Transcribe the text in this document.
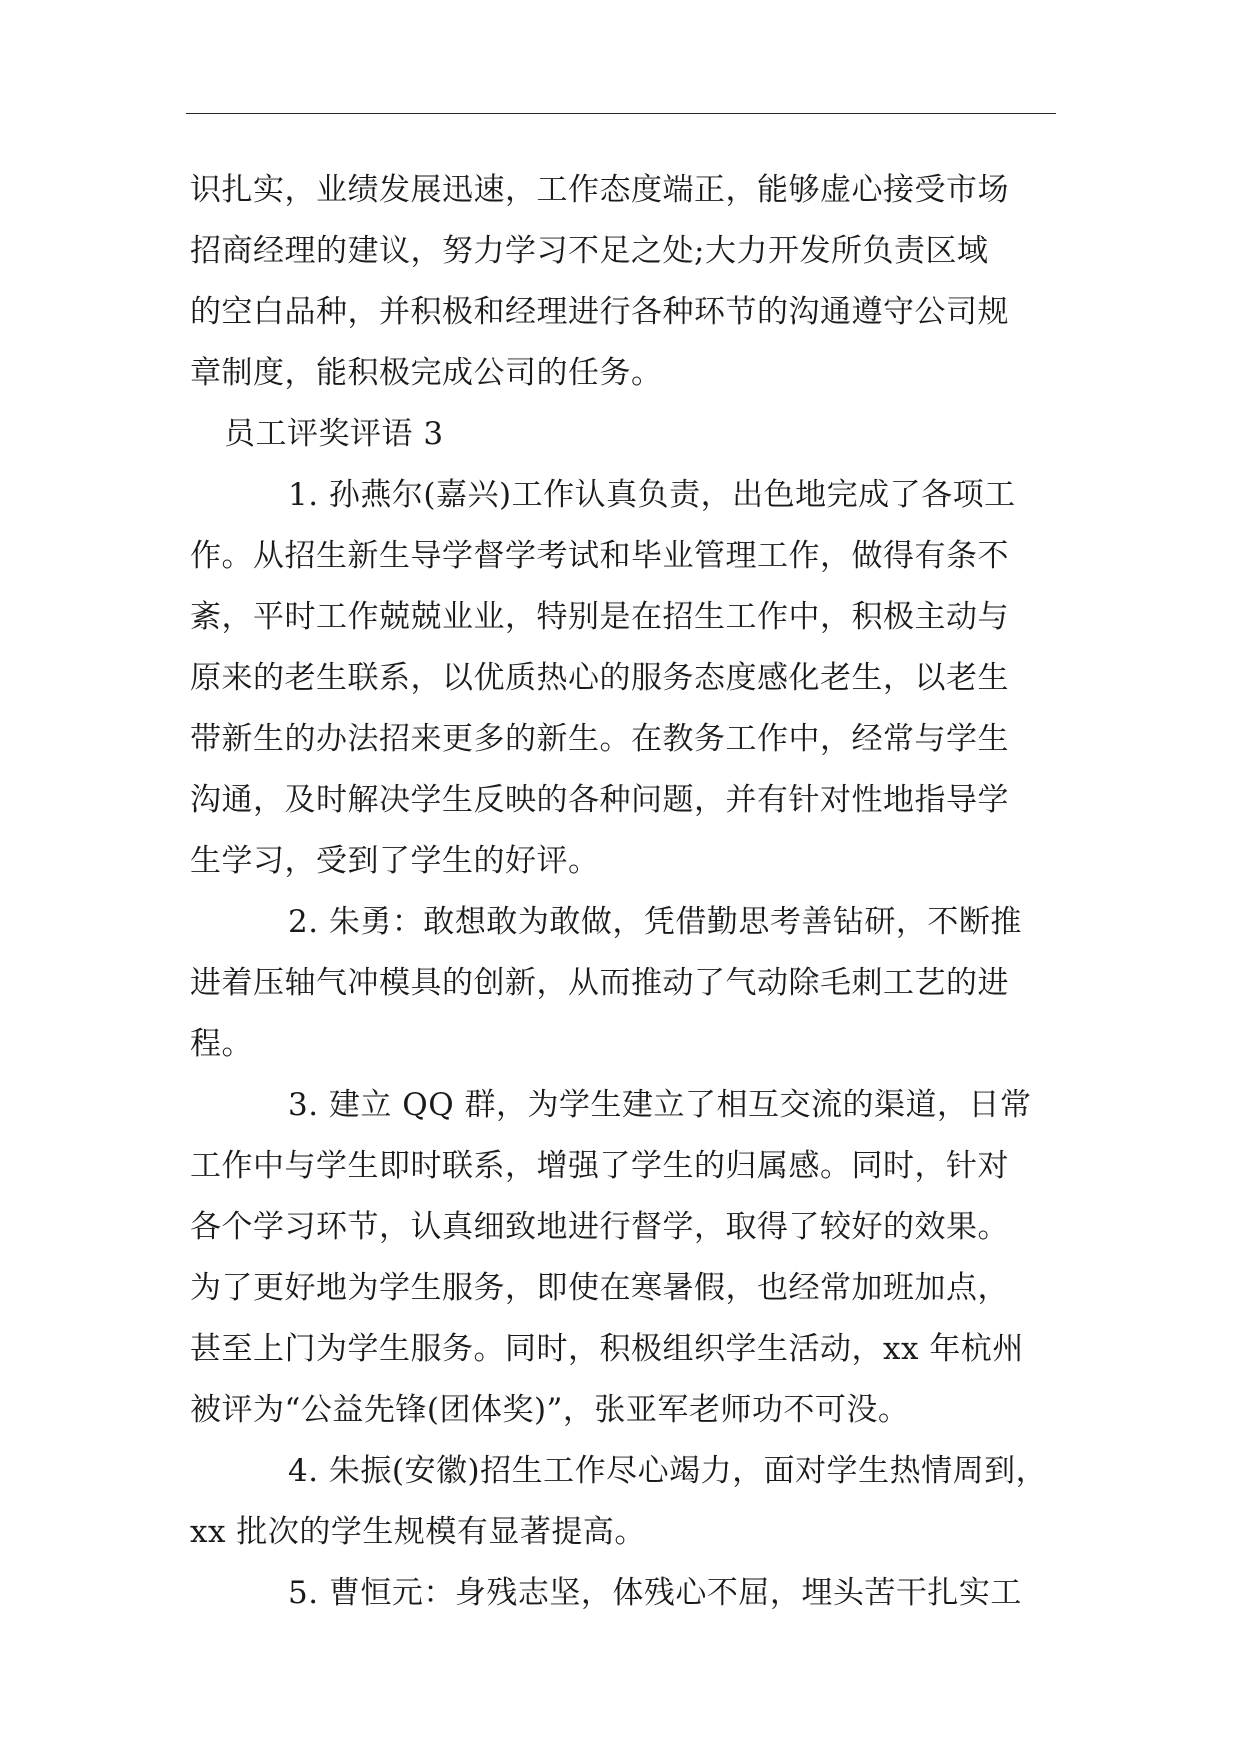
识扎实，业绩发展迅速，工作态度端正，能够虚心接受市场
招商经理的建议，努力学习不足之处;大力开发所负责区域
的空白品种，并积极和经理进行各种环节的沟通遵守公司规
章制度，能积极完成公司的任务。
员工评奖评语 3
1. 孙燕尔(嘉兴)工作认真负责，出色地完成了各项工
作。从招生新生导学督学考试和毕业管理工作，做得有条不
紊，平时工作兢兢业业，特别是在招生工作中，积极主动与
原来的老生联系，以优质热心的服务态度感化老生，以老生
带新生的办法招来更多的新生。在教务工作中，经常与学生
沟通，及时解决学生反映的各种问题，并有针对性地指导学
生学习，受到了学生的好评。
2. 朱勇：敢想敢为敢做，凭借勤思考善钻研，不断推
进着压轴气冲模具的创新，从而推动了气动除毛刺工艺的进
程。
3. 建立 QQ 群，为学生建立了相互交流的渠道，日常
工作中与学生即时联系，增强了学生的归属感。同时，针对
各个学习环节，认真细致地进行督学，取得了较好的效果。
为了更好地为学生服务，即使在寒暑假，也经常加班加点，
甚至上门为学生服务。同时，积极组织学生活动，xx 年杭州
被评为“公益先锋(团体奖)”，张亚军老师功不可没。
4. 朱振(安徽)招生工作尽心竭力，面对学生热情周到，
xx 批次的学生规模有显著提高。
5. 曹恒元：身残志坚，体残心不屈，埋头苦干扎实工
